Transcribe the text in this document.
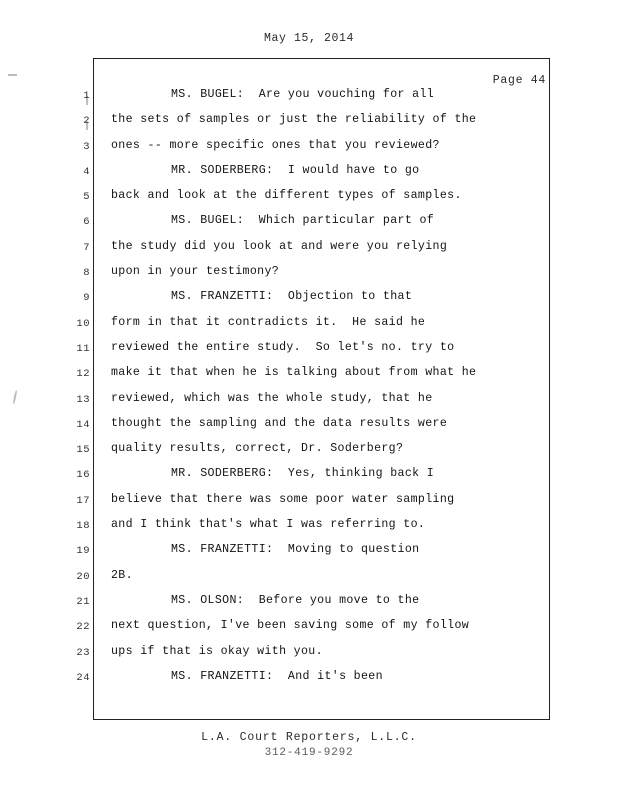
May 15, 2014
Page 44
1	MS. BUGEL:  Are you vouching for all
2 the sets of samples or just the reliability of the
3 ones -- more specific ones that you reviewed?
4	MR. SODERBERG:  I would have to go
5 back and look at the different types of samples.
6	MS. BUGEL:  Which particular part of
7 the study did you look at and were you relying
8 upon in your testimony?
9	MS. FRANZETTI:  Objection to that
10 form in that it contradicts it.  He said he
11 reviewed the entire study.  So let's no. try to
12 make it that when he is talking about from what he
13 reviewed, which was the whole study, that he
14 thought the sampling and the data results were
15 quality results, correct, Dr. Soderberg?
16	MR. SODERBERG:  Yes, thinking back I
17 believe that there was some poor water sampling
18 and I think that's what I was referring to.
19	MS. FRANZETTI:  Moving to question
20 2B.
21	MS. OLSON:  Before you move to the
22 next question, I've been saving some of my follow
23 ups if that is okay with you.
24	MS. FRANZETTI:  And it's been
L.A. Court Reporters, L.L.C.
312-419-9292
